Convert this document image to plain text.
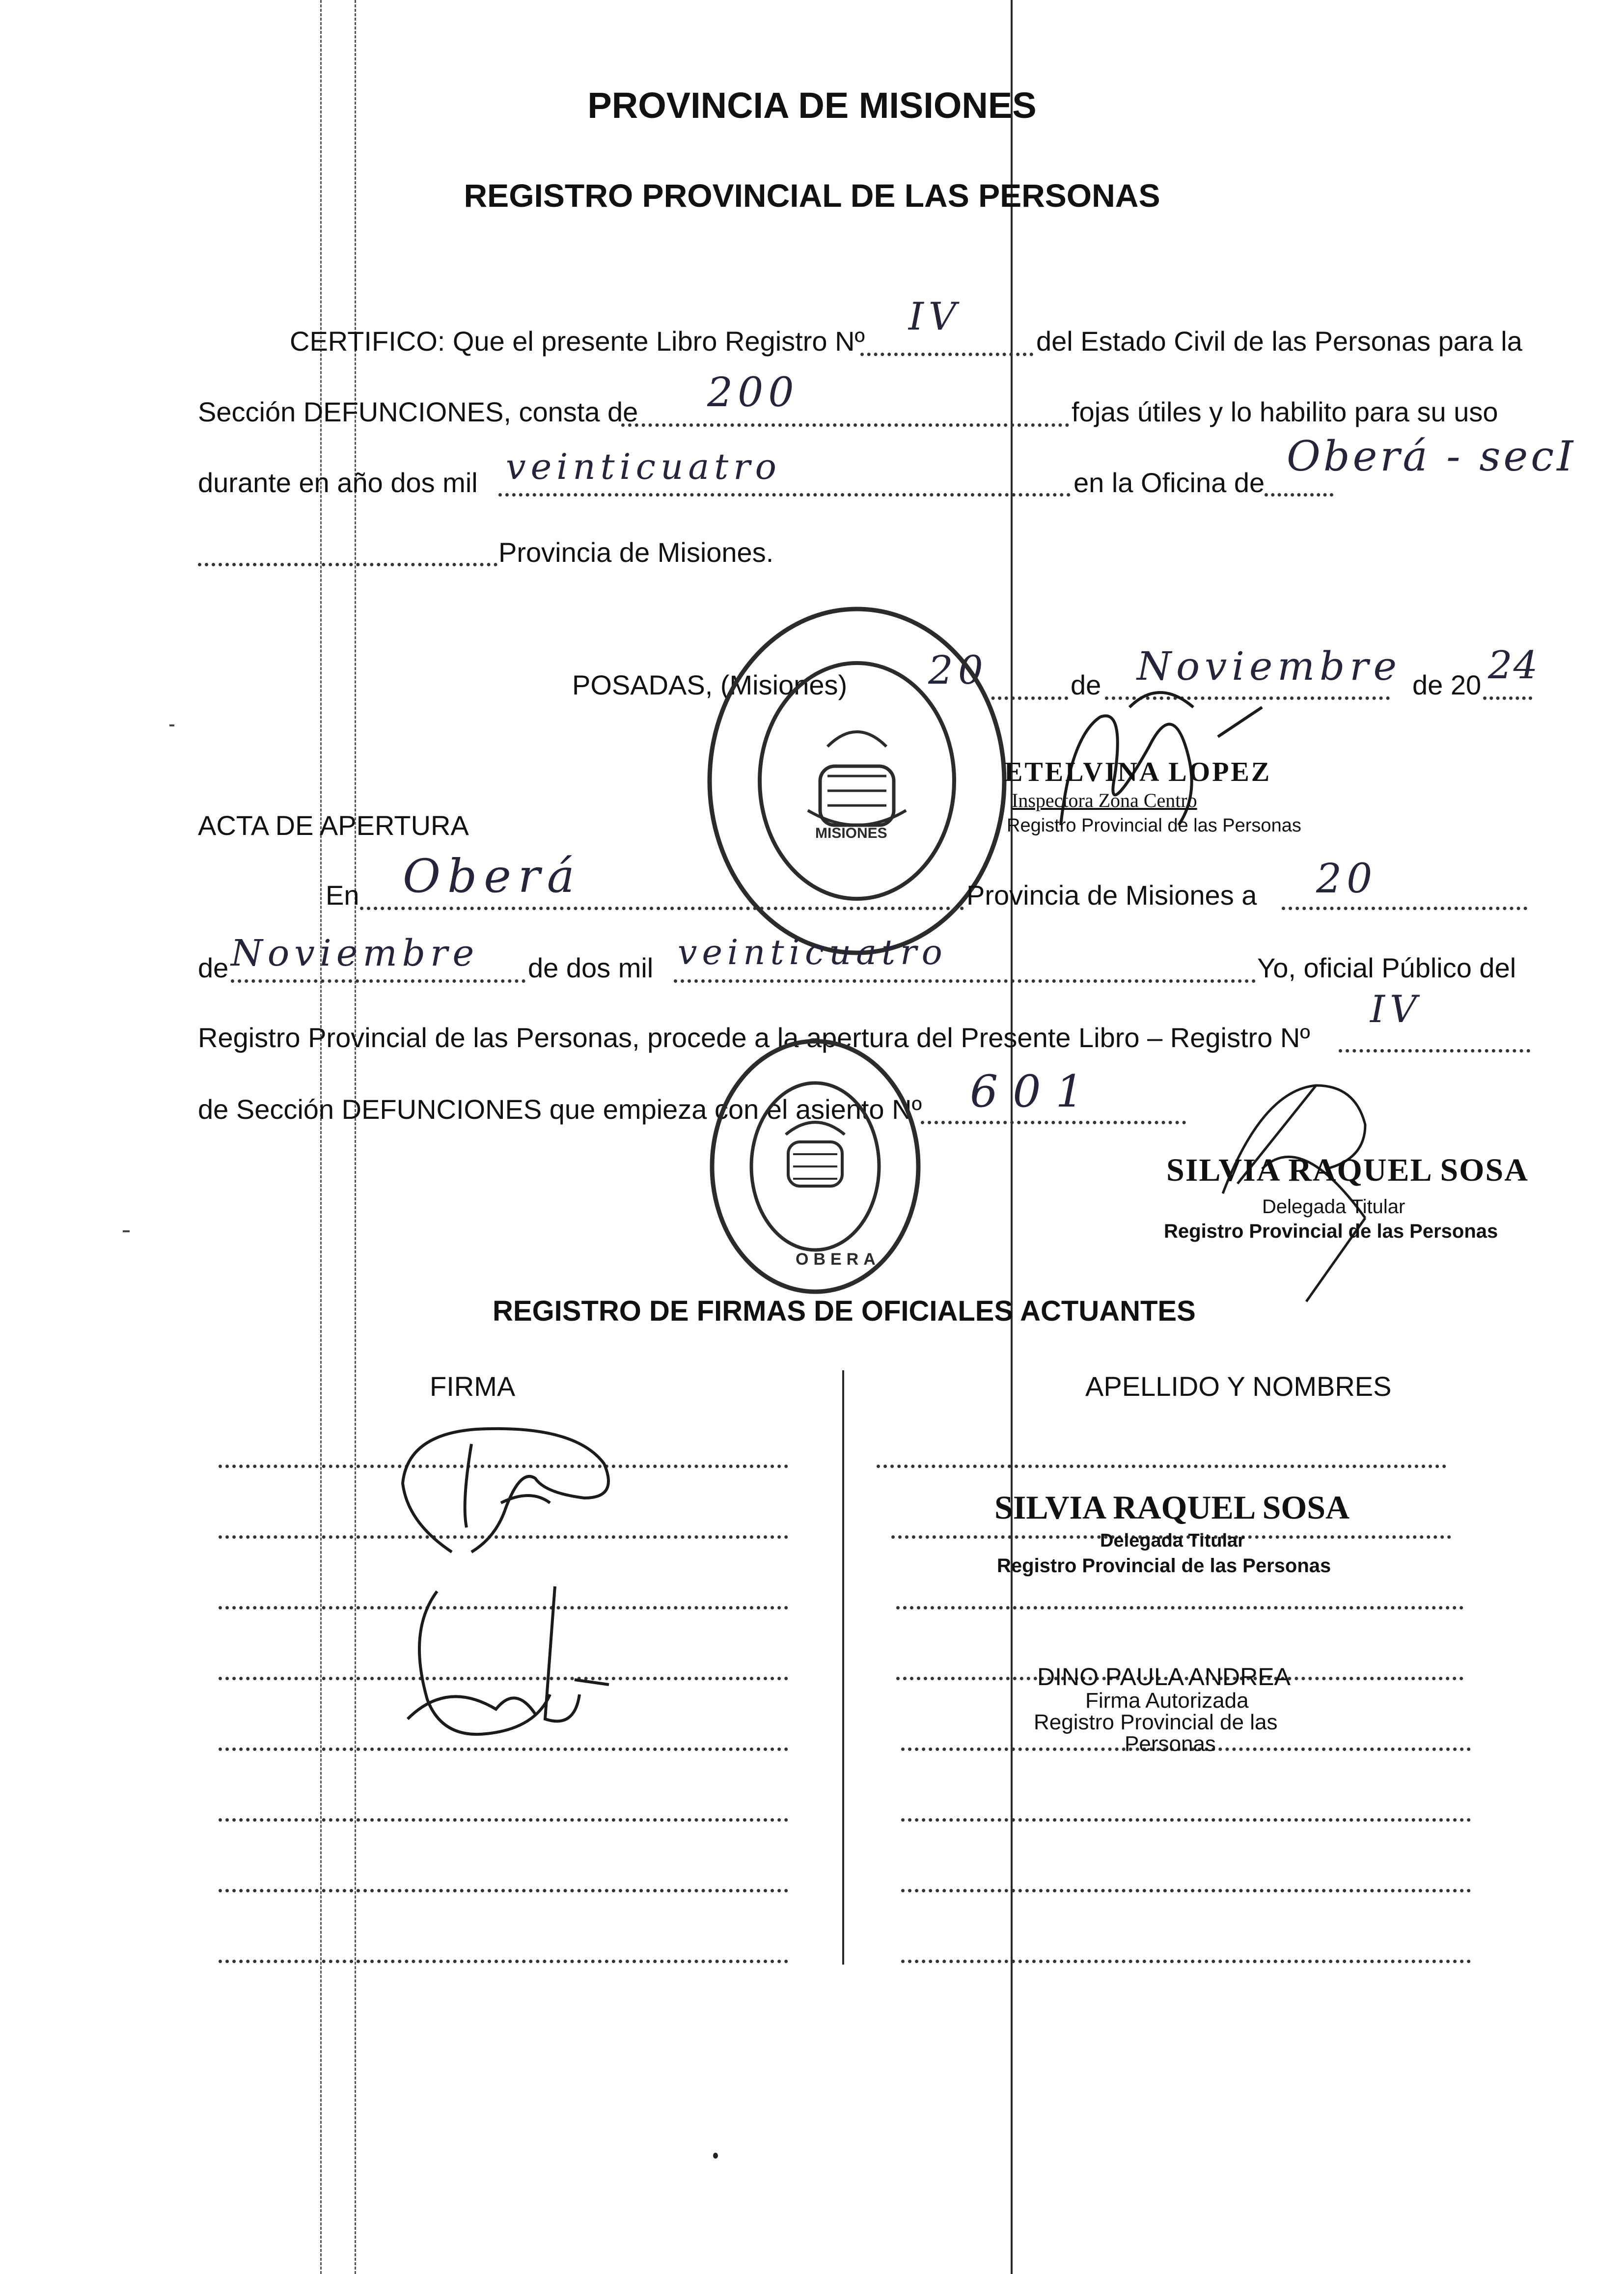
PROVINCIA DE MISIONES
REGISTRO PROVINCIAL DE LAS PERSONAS
CERTIFICO: Que el presente Libro Registro Nº
IV
del Estado Civil de las Personas para la
Sección DEFUNCIONES, consta de 200	fojas útiles y lo habilito para su uso
durante en año dos mil veinticuatro	en la Oficina de
Oberá - secI
Provincia de Misiones.
POSADAS, (Misiones) 20	de Noviembre de 20 24
MISIONES
ETELVINA LOPEZ
Inspectora Zona Centro
Registro Provincial de las Personas
ACTA DE APERTURA
En Oberá	Provincia de Misiones a 20
de Noviembre de dos mil veinticuatro	Yo, oficial Público del
Registro Provincial de las Personas, procede a la apertura del Presente Libro – Registro Nº
IV
de Sección DEFUNCIONES que empieza con el asiento Nº 601
OBERA
SILVIA RAQUEL SOSA
Delegada Titular
Registro Provincial de las Personas
REGISTRO DE FIRMAS DE OFICIALES ACTUANTES
FIRMA	APELLIDO Y NOMBRES
SILVIA RAQUEL SOSA
Delegada Titular
Registro Provincial de las Personas
DINO PAULA ANDREA
Firma Autorizada
Registro Provincial de las
Personas
